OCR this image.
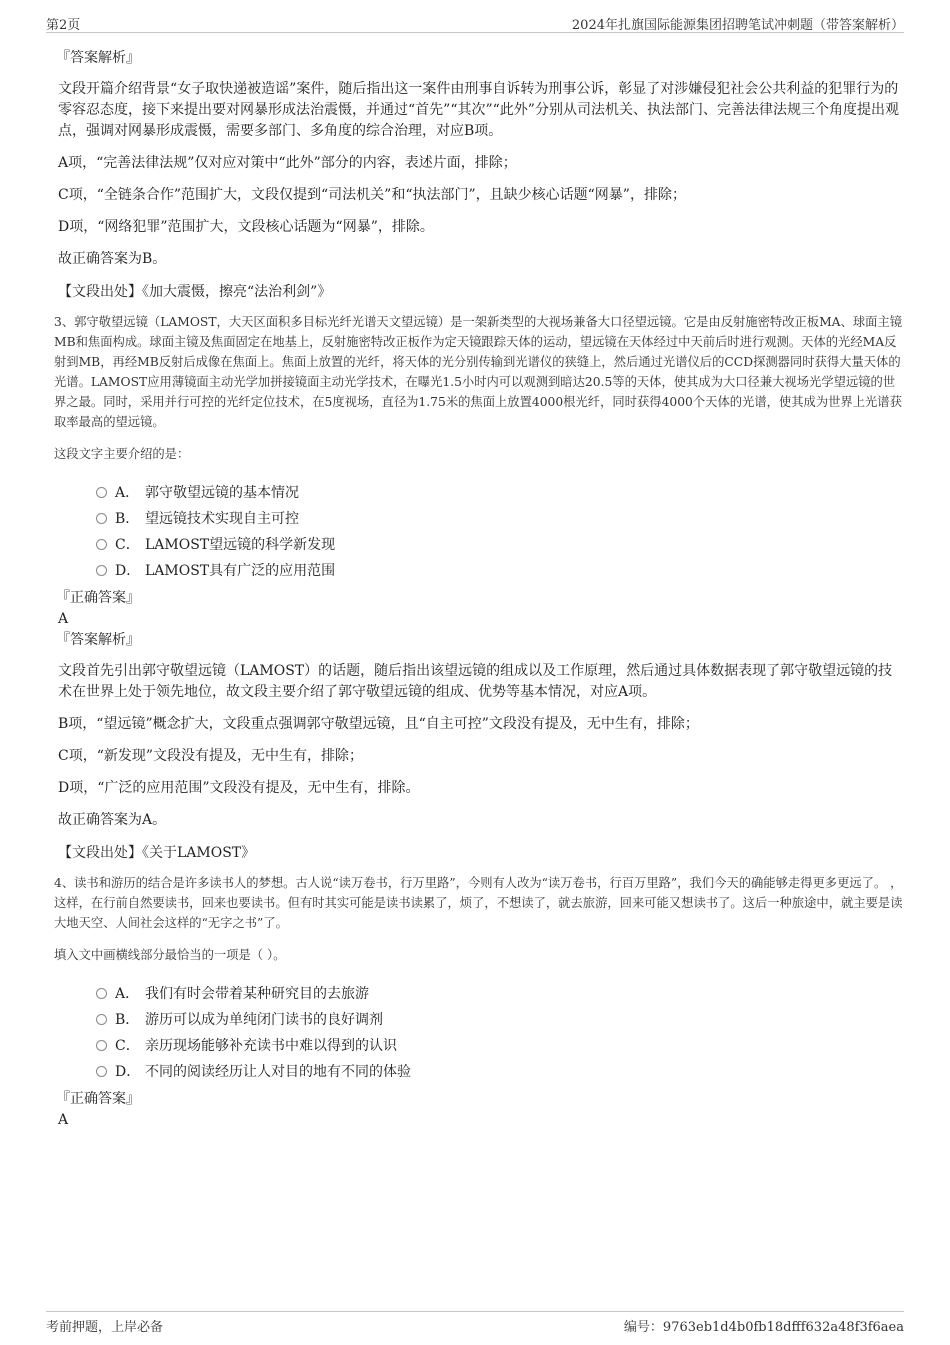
第2页	2024年扎旗国际能源集团招聘笔试冲刺题（带答案解析）
『答案解析』
文段开篇介绍背景“女子取快递被造谣”案件，随后指出这一案件由刑事自诉转为刑事公诉，彰显了对涉嫌侵犯社会公共利益的犯罪行为的零容忍态度，接下来提出要对网暴形成法治震慑，并通过“首先”“其次”“此外”分别从司法机关、执法部门、完善法律法规三个角度提出观点，强调对网暴形成震慑，需要多部门、多角度的综合治理，对应B项。
A项，“完善法律法规”仅对应对策中“此外”部分的内容，表述片面，排除；
C项，“全链条合作”范围扩大，文段仅提到“司法机关”和“执法部门”，且缺少核心话题“网暴”，排除；
D项，“网络犯罪”范围扩大，文段核心话题为“网暴”，排除。
故正确答案为B。
【文段出处】《加大震慑，擦亮“法治利剑”》
3、郭守敬望远镜（LAMOST，大天区面积多目标光纤光谱天文望远镜）是一架新类型的大视场兼备大口径望远镜。它是由反射施密特改正板MA、球面主镜MB和焦面构成。球面主镜及焦面固定在地基上，反射施密特改正板作为定天镜跟踪天体的运动，望远镜在天体经过中天前后时进行观测。天体的光经MA反射到MB，再经MB反射后成像在焦面上。焦面上放置的光纤，将天体的光分别传输到光谱仪的狭缝上，然后通过光谱仪后的CCD探测器同时获得大量天体的光谱。LAMOST应用薄镜面主动光学加拼接镜面主动光学技术，在曝光1.5小时内可以观测到暗达20.5等的天体，使其成为大口径兼大视场光学望远镜的世界之最。同时，采用并行可控的光纤定位技术，在5度视场，直径为1.75米的焦面上放置4000根光纤，同时获得4000个天体的光谱，使其成为世界上光谱获取率最高的望远镜。
这段文字主要介绍的是：
A． 郭守敬望远镜的基本情况
B． 望远镜技术实现自主可控
C． LAMOST望远镜的科学新发现
D． LAMOST具有广泛的应用范围
『正确答案』
A
『答案解析』
文段首先引出郭守敬望远镜（LAMOST）的话题，随后指出该望远镜的组成以及工作原理，然后通过具体数据表现了郭守敬望远镜的技术在世界上处于领先地位，故文段主要介绍了郭守敬望远镜的组成、优势等基本情况，对应A项。
B项，“望远镜”概念扩大，文段重点强调郭守敬望远镜，且“自主可控”文段没有提及，无中生有，排除；
C项，“新发现”文段没有提及，无中生有，排除；
D项，“广泛的应用范围”文段没有提及，无中生有，排除。
故正确答案为A。
【文段出处】《关于LAMOST》
4、读书和游历的结合是许多读书人的梦想。古人说“读万卷书，行万里路”，今则有人改为“读万卷书，行百万里路”，我们今天的确能够走得更多更远了。 ，这样，在行前自然要读书，回来也要读书。但有时其实可能是读书读累了，烦了，不想读了，就去旅游，回来可能又想读书了。这后一种旅途中，就主要是读大地天空、人间社会这样的“无字之书”了。
填入文中画横线部分最恰当的一项是（ ）。
A． 我们有时会带着某种研究目的去旅游
B． 游历可以成为单纯闭门读书的良好调剂
C． 亲历现场能够补充读书中难以得到的认识
D． 不同的阅读经历让人对目的地有不同的体验
『正确答案』
A
考前押题，上岸必备	编号：9763eb1d4b0fb18dfff632a48f3f6aea
